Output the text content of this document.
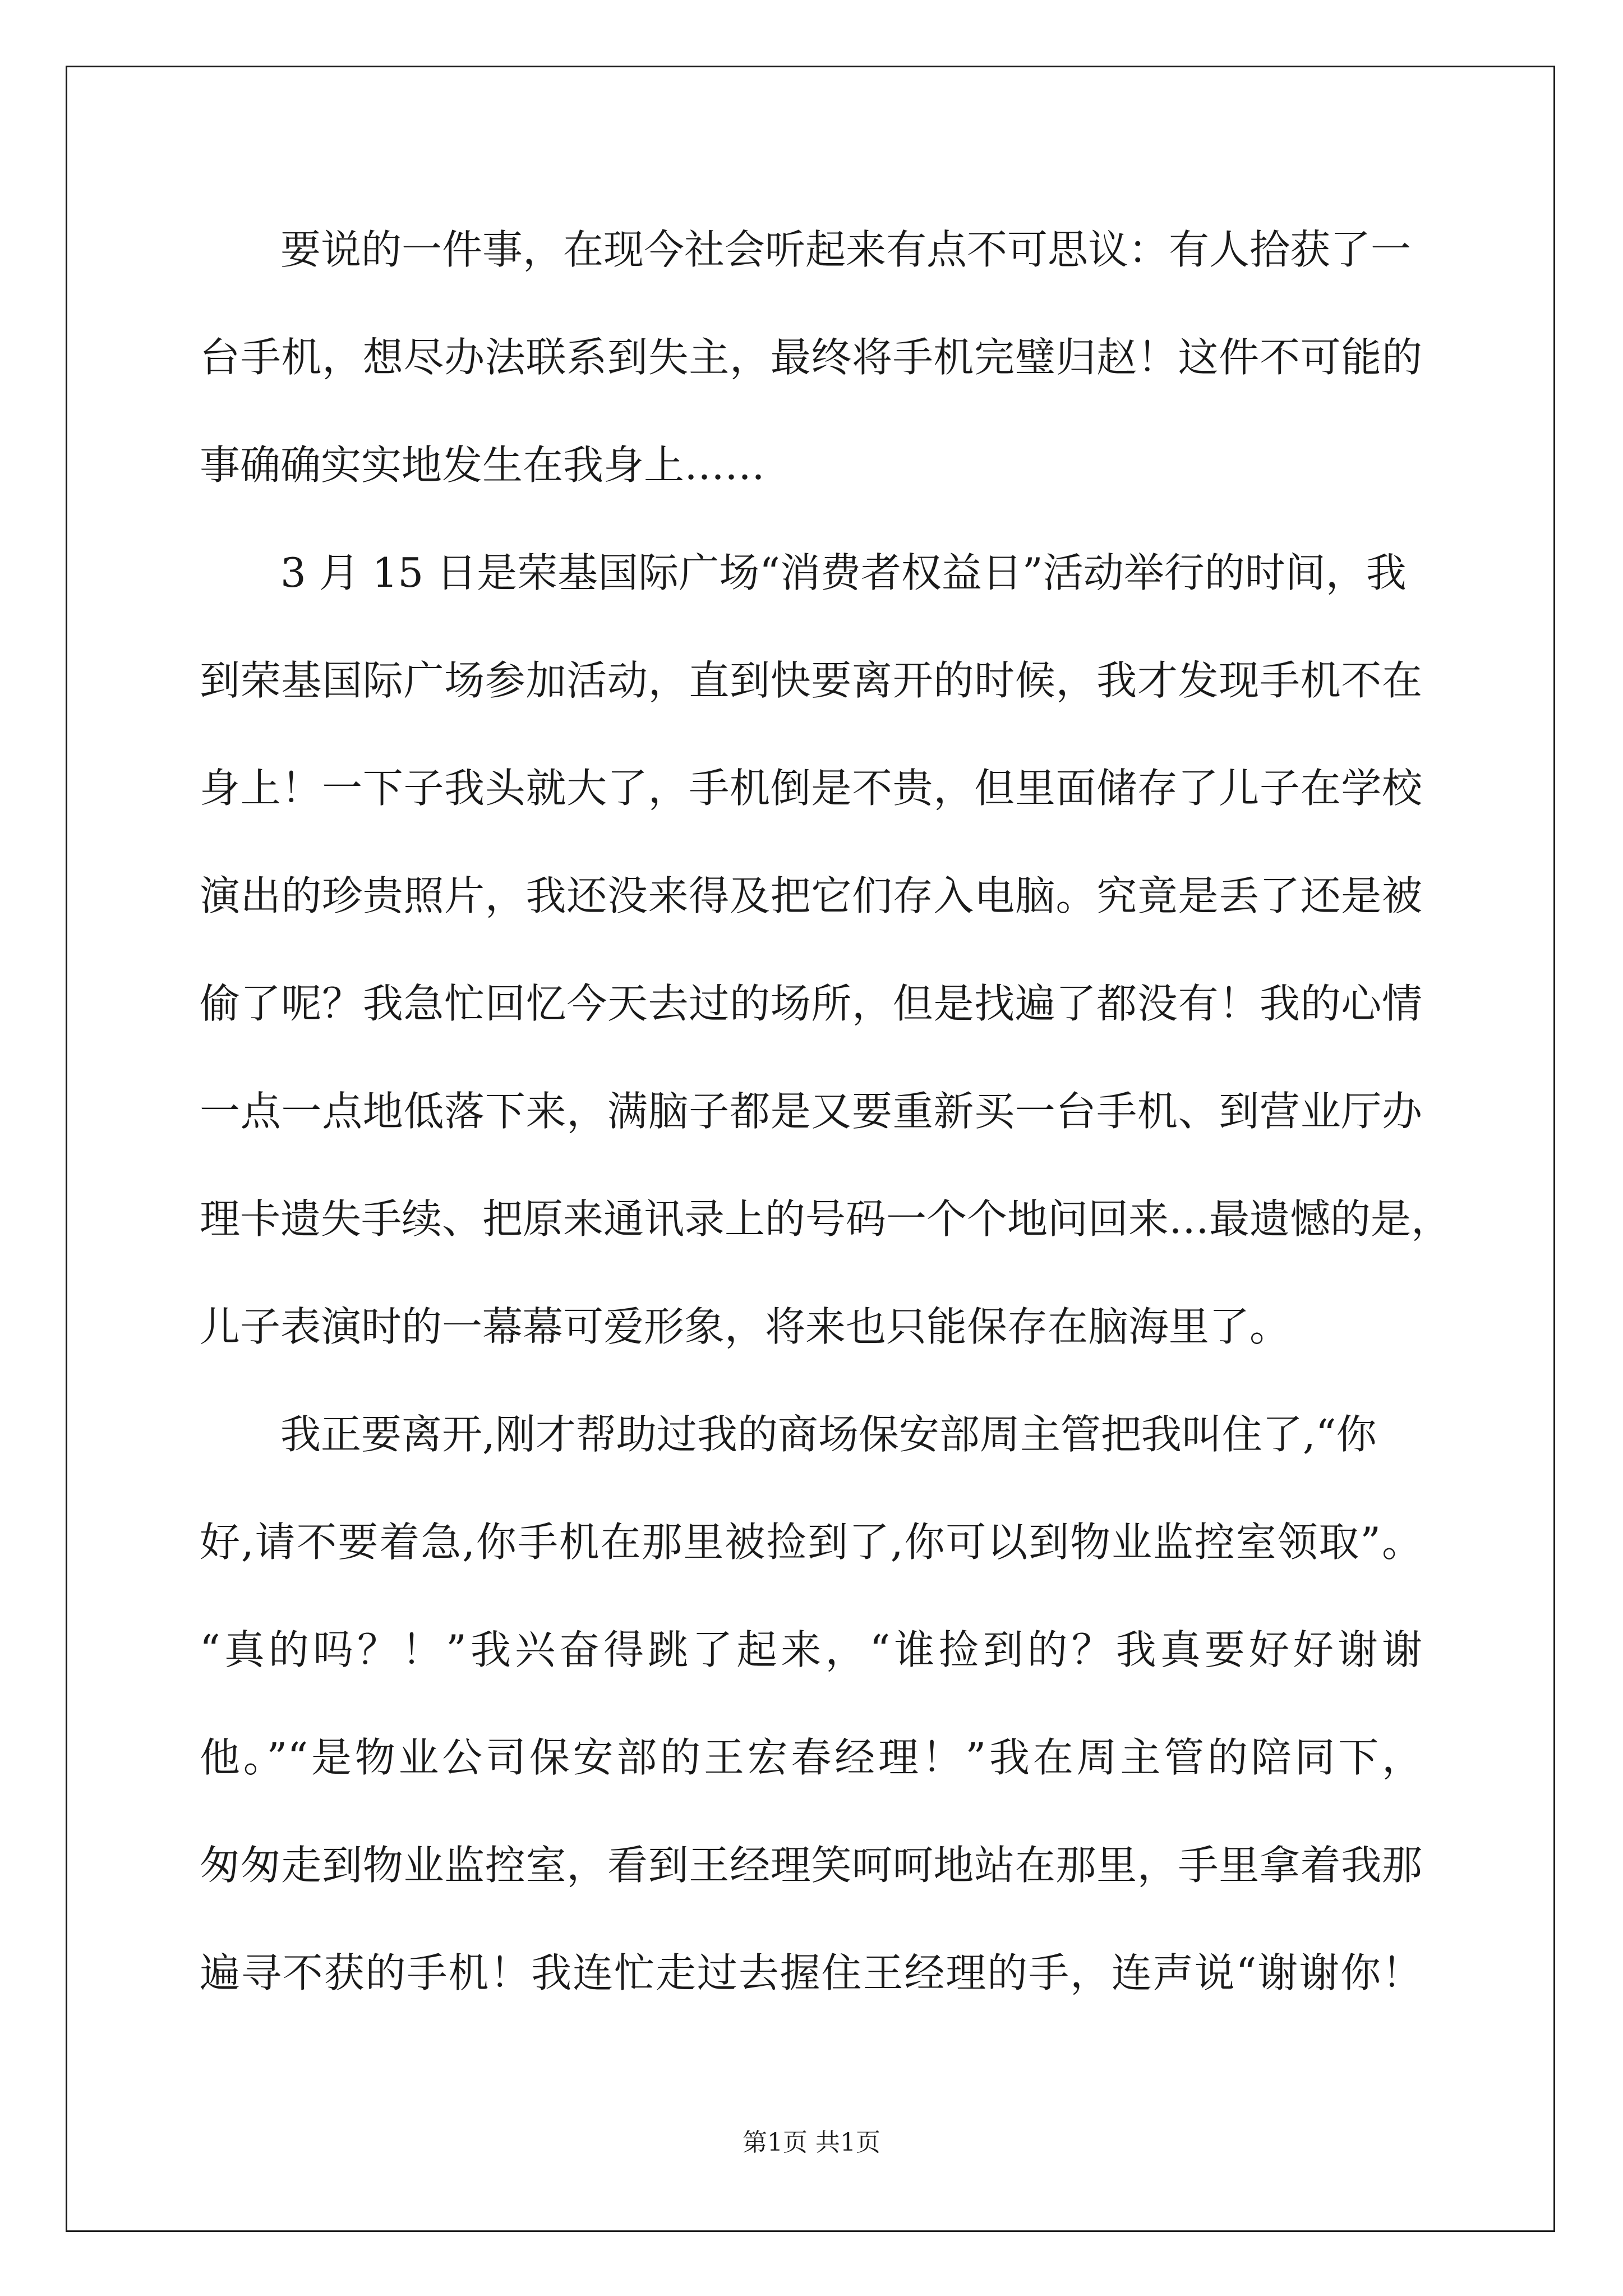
要说的一件事，在现今社会听起来有点不可思议：有人拾获了一
台手机，想尽办法联系到失主，最终将手机完璧归赵！这件不可能的
事确确实实地发生在我身上……
3 月 15 日是荣基国际广场“消费者权益日”活动举行的时间，我
到荣基国际广场参加活动，直到快要离开的时候，我才发现手机不在
身上！一下子我头就大了，手机倒是不贵，但里面储存了儿子在学校
演出的珍贵照片，我还没来得及把它们存入电脑。究竟是丢了还是被
偷了呢？我急忙回忆今天去过的场所，但是找遍了都没有！我的心情
一点一点地低落下来，满脑子都是又要重新买一台手机、到营业厅办
理卡遗失手续、把原来通讯录上的号码一个个地问回来…最遗憾的是，
儿子表演时的一幕幕可爱形象，将来也只能保存在脑海里了。
我正要离开,刚才帮助过我的商场保安部周主管把我叫住了,“你
好,请不要着急,你手机在那里被捡到了,你可以到物业监控室领取”。
“真的吗？！”我兴奋得跳了起来，“谁捡到的？我真要好好谢谢
他。”“是物业公司保安部的王宏春经理！”我在周主管的陪同下，
匆匆走到物业监控室，看到王经理笑呵呵地站在那里，手里拿着我那
遍寻不获的手机！我连忙走过去握住王经理的手，连声说“谢谢你！
第1页 共1页
